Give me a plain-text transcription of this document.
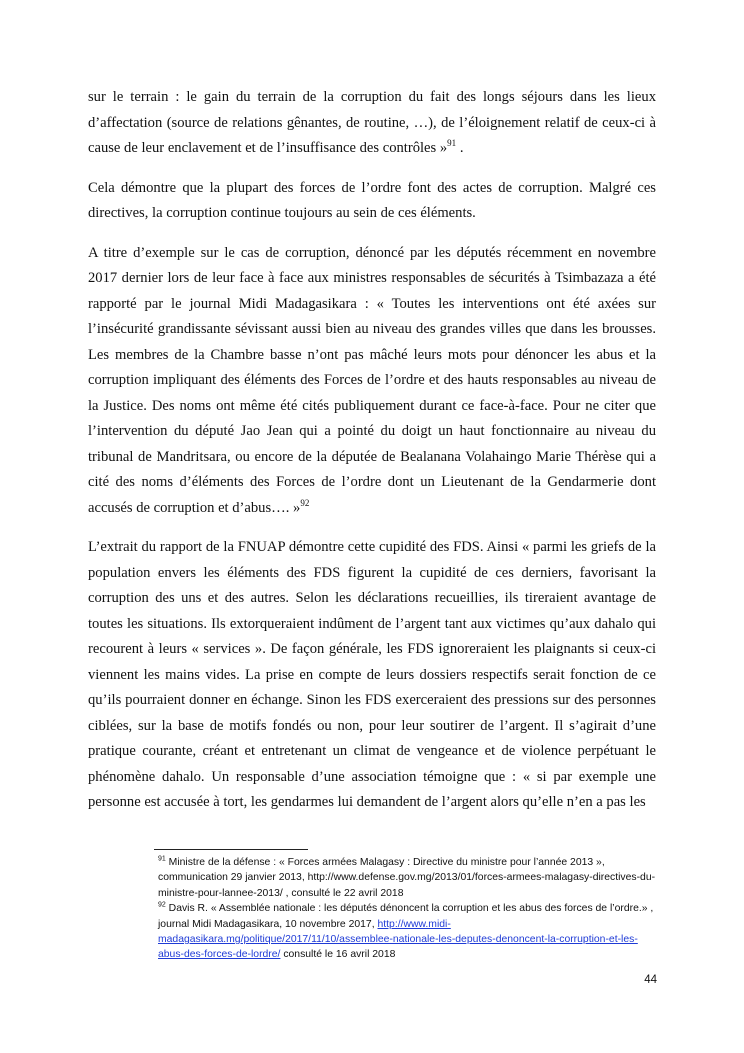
sur le terrain : le gain du terrain de la corruption du fait des longs séjours dans les lieux d’affectation (source de relations gênantes, de routine, …), de l’éloignement relatif de ceux-ci à cause de leur enclavement et de l’insuffisance des contrôles »$^{91}$ .

Cela démontre que la plupart des forces de l’ordre font des actes de corruption. Malgré ces directives, la corruption continue toujours au sein de ces éléments.

A titre d’exemple sur le cas de corruption, dénoncé par les députés récemment en novembre 2017 dernier lors de leur face à face aux ministres responsables de sécurités à Tsimbazaza a été rapporté par le journal Midi Madagasikara : « Toutes les interventions ont été axées sur l’insécurité grandissante sévissant aussi bien au niveau des grandes villes que dans les brousses. Les membres de la Chambre basse n’ont pas mâché leurs mots pour dénoncer les abus et la corruption impliquant des éléments des Forces de l’ordre et des hauts responsables au niveau de la Justice. Des noms ont même été cités publiquement durant ce face-à-face. Pour ne citer que l’intervention du député Jao Jean qui a pointé du doigt un haut fonctionnaire au niveau du tribunal de Mandritsara, ou encore de la députée de Bealanana Volahaingo Marie Thérèse qui a cité des noms d’éléments des Forces de l’ordre dont un Lieutenant de la Gendarmerie dont accusés de corruption et d’abus…. »$^{92}$

L’extrait du rapport de la FNUAP démontre cette cupidité des FDS. Ainsi « parmi les griefs de la population envers les éléments des FDS figurent la cupidité de ces derniers, favorisant la corruption des uns et des autres. Selon les déclarations recueillies, ils tireraient avantage de toutes les situations. Ils extorqueraient indûment de l’argent tant aux victimes qu’aux dahalo qui recourent à leurs « services ». De façon générale, les FDS ignoreraient les plaignants si ceux-ci viennent les mains vides. La prise en compte de leurs dossiers respectifs serait fonction de ce qu’ils pourraient donner en échange. Sinon les FDS exerceraient des pressions sur des personnes ciblées, sur la base de motifs fondés ou non, pour leur soutirer de l’argent. Il s’agirait d’une pratique courante, créant et entretenant un climat de vengeance et de violence perpétuant le phénomène dahalo. Un responsable d’une association témoigne que : « si par exemple une personne est accusée à tort, les gendarmes lui demandent de l’argent alors qu’elle n’en a pas les

$^{91}$ Ministre de la défense : « Forces armées Malagasy : Directive du ministre pour l’année 2013 », communication 29 janvier 2013, http://www.defense.gov.mg/2013/01/forces-armees-malagasy-directives-du-ministre-pour-lannee-2013/ , consulté le 22 avril 2018

$^{92}$ Davis R. « Assemblée nationale : les députés dénoncent la corruption et les abus des forces de l’ordre.» , journal Midi Madagasikara, 10 novembre 2017, http://www.midi-madagasikara.mg/politique/2017/11/10/assemblee-nationale-les-deputes-denoncent-la-corruption-et-les-abus-des-forces-de-lordre/ consulté le 16 avril 2018

44
